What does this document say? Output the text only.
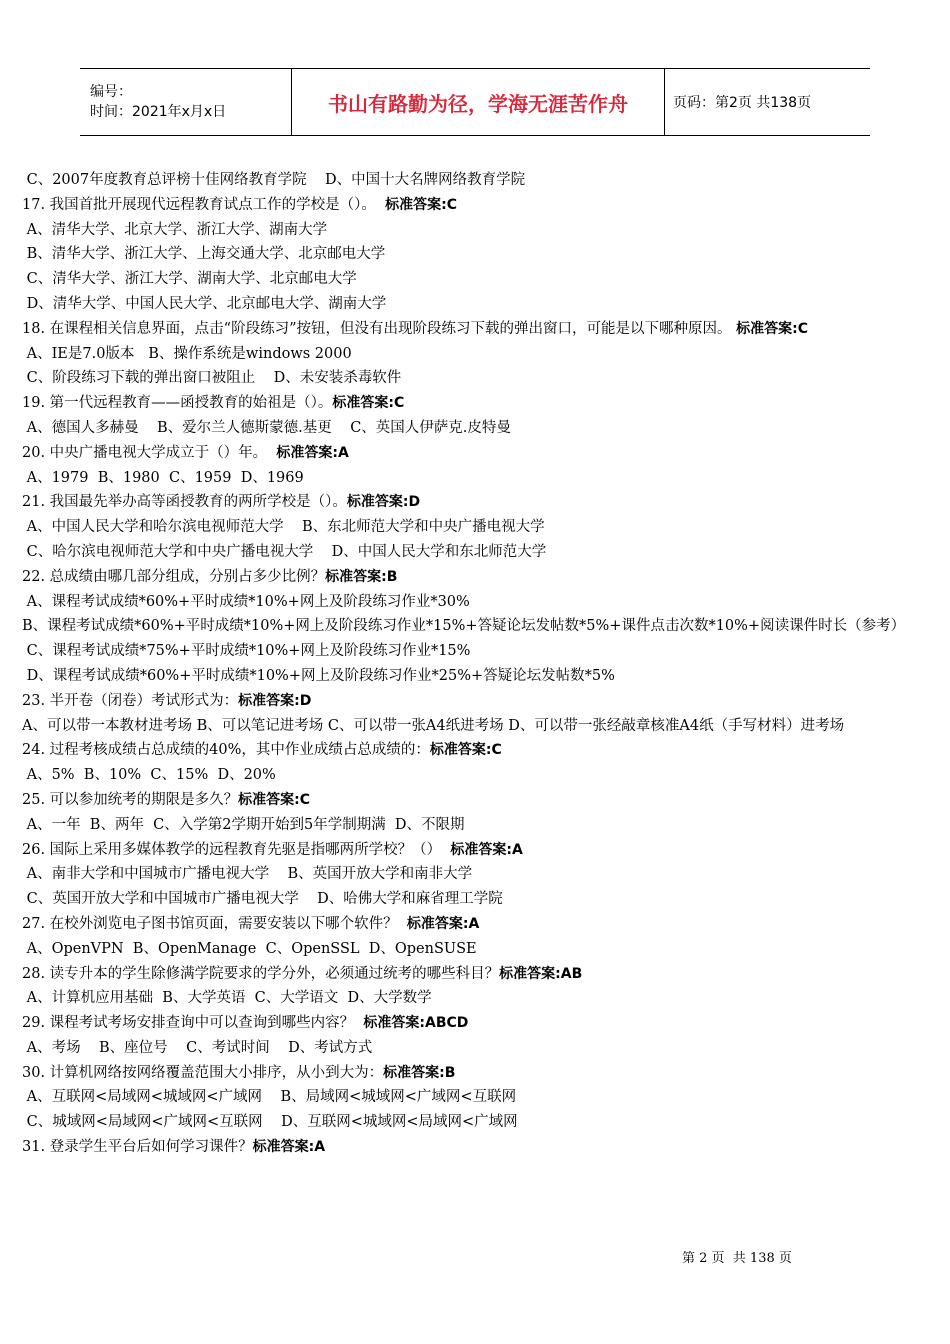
编号：
时间：2021年x月x日	书山有路勤为径，学海无涯苦作舟	页码：第2页 共138页
C、2007年度教育总评榜十佳网络教育学院    D、中国十大名牌网络教育学院
17. 我国首批开展现代远程教育试点工作的学校是（）。  标准答案:C
A、清华大学、北京大学、浙江大学、湖南大学
B、清华大学、浙江大学、上海交通大学、北京邮电大学
C、清华大学、浙江大学、湖南大学、北京邮电大学
D、清华大学、中国人民大学、北京邮电大学、湖南大学
18. 在课程相关信息界面，点击“阶段练习”按钮，但没有出现阶段练习下载的弹出窗口，可能是以下哪种原因。 标准答案:C
A、IE是7.0版本   B、操作系统是windows 2000
C、阶段练习下载的弹出窗口被阻止    D、未安装杀毒软件
19. 第一代远程教育——函授教育的始祖是（）。标准答案:C
A、德国人多赫曼    B、爱尔兰人德斯蒙德.基更    C、英国人伊萨克.皮特曼
20. 中央广播电视大学成立于（）年。  标准答案:A
A、1979  B、1980  C、1959  D、1969
21. 我国最先举办高等函授教育的两所学校是（）。标准答案:D
A、中国人民大学和哈尔滨电视师范大学    B、东北师范大学和中央广播电视大学
C、哈尔滨电视师范大学和中央广播电视大学    D、中国人民大学和东北师范大学
22. 总成绩由哪几部分组成，分别占多少比例？标准答案:B
A、课程考试成绩*60%+平时成绩*10%+网上及阶段练习作业*30%
B、课程考试成绩*60%+平时成绩*10%+网上及阶段练习作业*15%+答疑论坛发帖数*5%+课件点击次数*10%+阅读课件时长（参考）
C、课程考试成绩*75%+平时成绩*10%+网上及阶段练习作业*15%
D、课程考试成绩*60%+平时成绩*10%+网上及阶段练习作业*25%+答疑论坛发帖数*5%
23. 半开卷（闭卷）考试形式为：标准答案:D
A、可以带一本教材进考场 B、可以笔记进考场 C、可以带一张A4纸进考场 D、可以带一张经敲章核准A4纸（手写材料）进考场
24. 过程考核成绩占总成绩的40%，其中作业成绩占总成绩的：标准答案:C
A、5%  B、10%  C、15%  D、20%
25. 可以参加统考的期限是多久？标准答案:C
A、一年  B、两年  C、入学第2学期开始到5年学制期满  D、不限期
26. 国际上采用多媒体教学的远程教育先驱是指哪两所学校？（）  标准答案:A
A、南非大学和中国城市广播电视大学    B、英国开放大学和南非大学
C、英国开放大学和中国城市广播电视大学    D、哈佛大学和麻省理工学院
27. 在校外浏览电子图书馆页面，需要安装以下哪个软件？  标准答案:A
A、OpenVPN  B、OpenManage  C、OpenSSL  D、OpenSUSE
28. 读专升本的学生除修满学院要求的学分外，必须通过统考的哪些科目？标准答案:AB
A、计算机应用基础  B、大学英语  C、大学语文  D、大学数学
29. 课程考试考场安排查询中可以查询到哪些内容？  标准答案:ABCD
A、考场    B、座位号    C、考试时间    D、考试方式
30. 计算机网络按网络覆盖范围大小排序，从小到大为：标准答案:B
A、互联网<局域网<城域网<广域网    B、局域网<城域网<广域网<互联网
C、城域网<局域网<广域网<互联网    D、互联网<城域网<局域网<广域网
31. 登录学生平台后如何学习课件？标准答案:A
第 2 页  共 138 页
